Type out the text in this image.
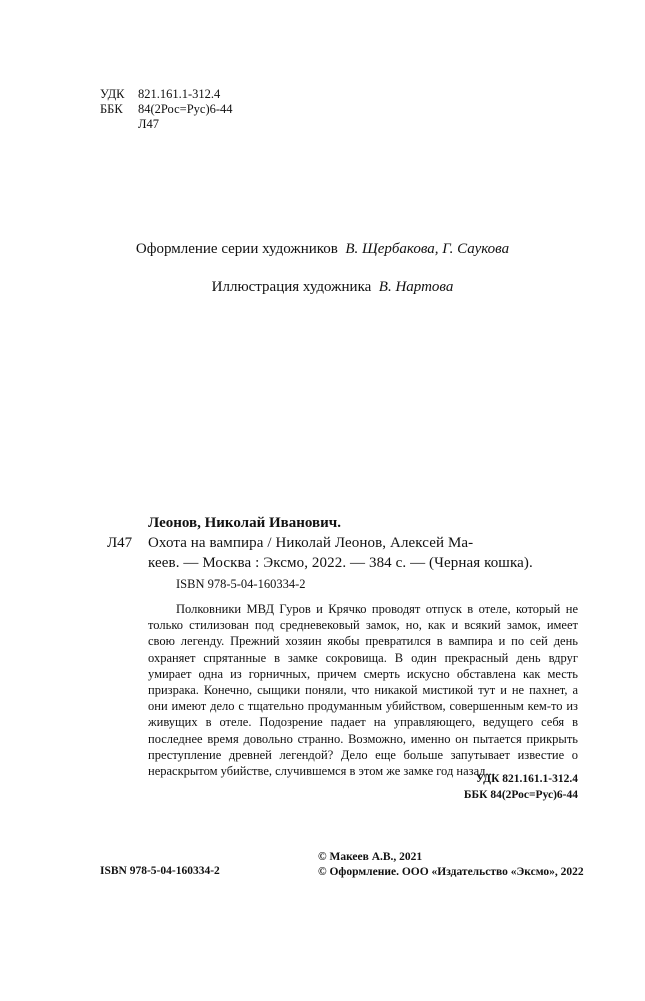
УДК 821.161.1-312.4
ББК 84(2Рос=Рус)6-44
Л47
Оформление серии художников В. Щербакова, Г. Саукова
Иллюстрация художника В. Нартова
Леонов, Николай Иванович.
Л47 Охота на вампира / Николай Леонов, Алексей Ма-
кеев. — Москва : Эксмо, 2022. — 384 с. — (Черная кошка).
ISBN 978-5-04-160334-2

Полковники МВД Гуров и Крячко проводят отпуск в отеле, который не только стилизован под средневековый замок, но, как и всякий замок, имеет свою легенду. Прежний хозяин якобы превратился в вампира и по сей день охраняет спрятанные в замке сокровища. В один прекрасный день вдруг умирает одна из горничных, причем смерть искусно обставлена как месть призрака. Конечно, сыщики поняли, что никакой мистикой тут и не пахнет, а они имеют дело с тщательно продуманным убийством, совершенным кем-то из живущих в отеле. Подозрение падает на управляющего, ведущего себя в последнее время довольно странно. Возможно, именно он пытается прикрыть преступление древней легендой? Дело еще больше запутывает известие о нераскрытом убийстве, случившемся в этом же замке год назад...

УДК 821.161.1-312.4
ББК 84(2Рос=Рус)6-44
ISBN 978-5-04-160334-2
© Макеев А.В., 2021
© Оформление. ООО «Издательство «Эксмо», 2022
